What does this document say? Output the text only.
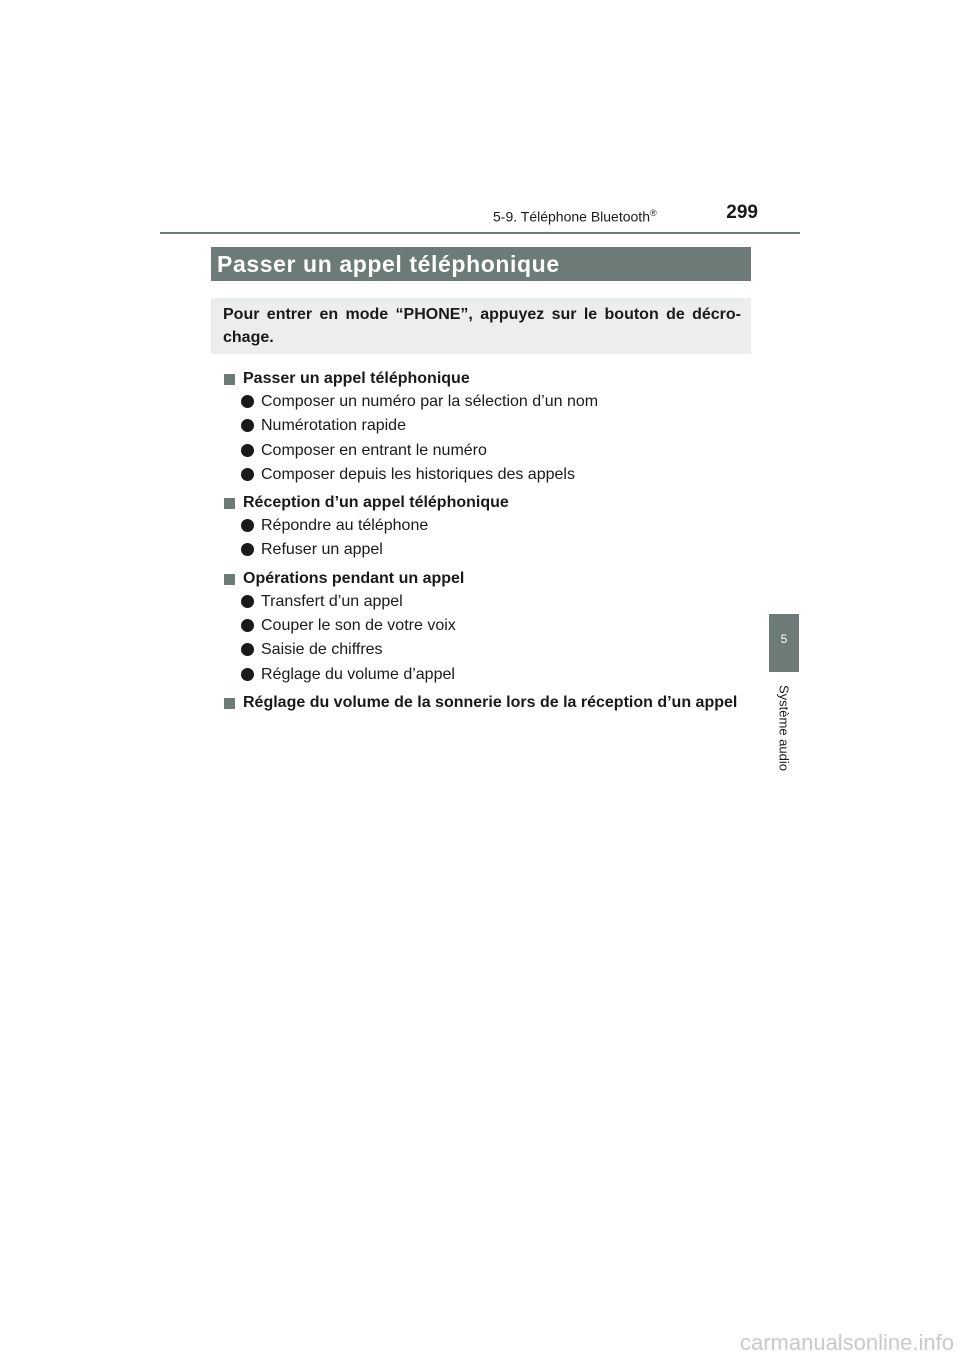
5-9. Téléphone Bluetooth®	299
Passer un appel téléphonique
Pour entrer en mode “PHONE”, appuyez sur le bouton de décro-chage.
Passer un appel téléphonique
Composer un numéro par la sélection d’un nom
Numérotation rapide
Composer en entrant le numéro
Composer depuis les historiques des appels
Réception d’un appel téléphonique
Répondre au téléphone
Refuser un appel
Opérations pendant un appel
Transfert d’un appel
Couper le son de votre voix
Saisie de chiffres
Réglage du volume d’appel
Réglage du volume de la sonnerie lors de la réception d’un appel
5
Système audio
carmanualsonline.info
